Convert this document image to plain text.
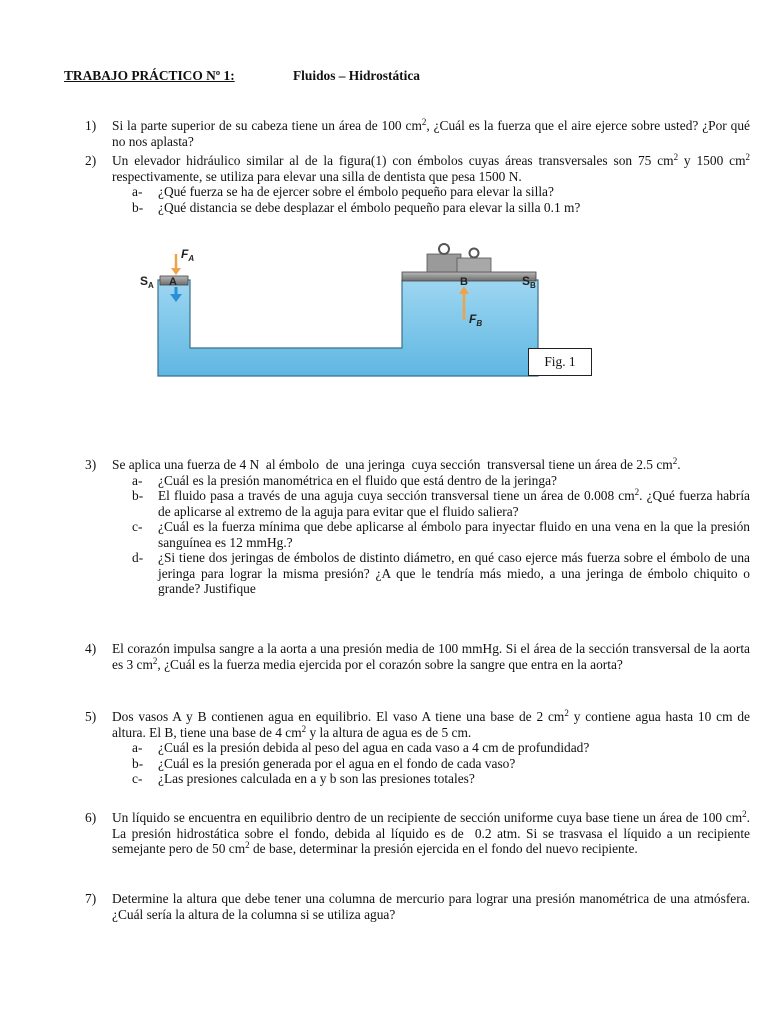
TRABAJO PRÁCTICO Nº 1:	Fluidos – Hidrostática
1) Si la parte superior de su cabeza tiene un área de 100 $cm^2$, ¿Cuál es la fuerza que el aire ejerce sobre usted? ¿Por qué no nos aplasta?
2) Un elevador hidráulico similar al de la figura(1) con émbolos cuyas áreas transversales son 75 $cm^2$ y 1500 $cm^2$ respectivamente, se utiliza para elevar una silla de dentista que pesa 1500 N.
a- ¿Qué fuerza se ha de ejercer sobre el émbolo pequeño para elevar la silla?
b- ¿Qué distancia se debe desplazar el émbolo pequeño para elevar la silla 0.1 m?
$F_A$
$S_A$ A	B	$S_B$
$F_B$
Fig. 1
3) Se aplica una fuerza de 4 N  al émbolo  de  una jeringa  cuya sección  transversal tiene un área de 2.5 $cm^2$.
a- ¿Cuál es la presión manométrica en el fluido que está dentro de la jeringa?
b- El fluido pasa a través de una aguja cuya sección transversal tiene un área de 0.008 $cm^2$. ¿Qué fuerza habría de aplicarse al extremo de la aguja para evitar que el fluido saliera?
c- ¿Cuál es la fuerza mínima que debe aplicarse al émbolo para inyectar fluido en una vena en la que la presión sanguínea es 12 mmHg.?
d- ¿Si tiene dos jeringas de émbolos de distinto diámetro, en qué caso ejerce más fuerza sobre el émbolo de una jeringa para lograr la misma presión? ¿A que le tendría más miedo, a una jeringa de émbolo chiquito o grande? Justifique
4) El corazón impulsa sangre a la aorta a una presión media de 100 mmHg. Si el área de la sección transversal de la aorta es 3 $cm^2$, ¿Cuál es la fuerza media ejercida por el corazón sobre la sangre que entra en la aorta?
5) Dos vasos A y B contienen agua en equilibrio. El vaso A tiene una base de 2 $cm^2$ y contiene agua hasta 10 cm de altura. El B, tiene una base de 4 $cm^2$ y la altura de agua es de 5 cm.
a- ¿Cuál es la presión debida al peso del agua en cada vaso a 4 cm de profundidad?
b- ¿Cuál es la presión generada por el agua en el fondo de cada vaso?
c- ¿Las presiones calculada en a y b son las presiones totales?
6) Un líquido se encuentra en equilibrio dentro de un recipiente de sección uniforme cuya base tiene un área de 100 $cm^2$. La presión hidrostática sobre el fondo, debida al líquido es de  0.2 atm. Si se trasvasa el líquido a un recipiente semejante pero de 50 $cm^2$ de base, determinar la presión ejercida en el fondo del nuevo recipiente.
7) Determine la altura que debe tener una columna de mercurio para lograr una presión manométrica de una atmósfera. ¿Cuál sería la altura de la columna si se utiliza agua?
